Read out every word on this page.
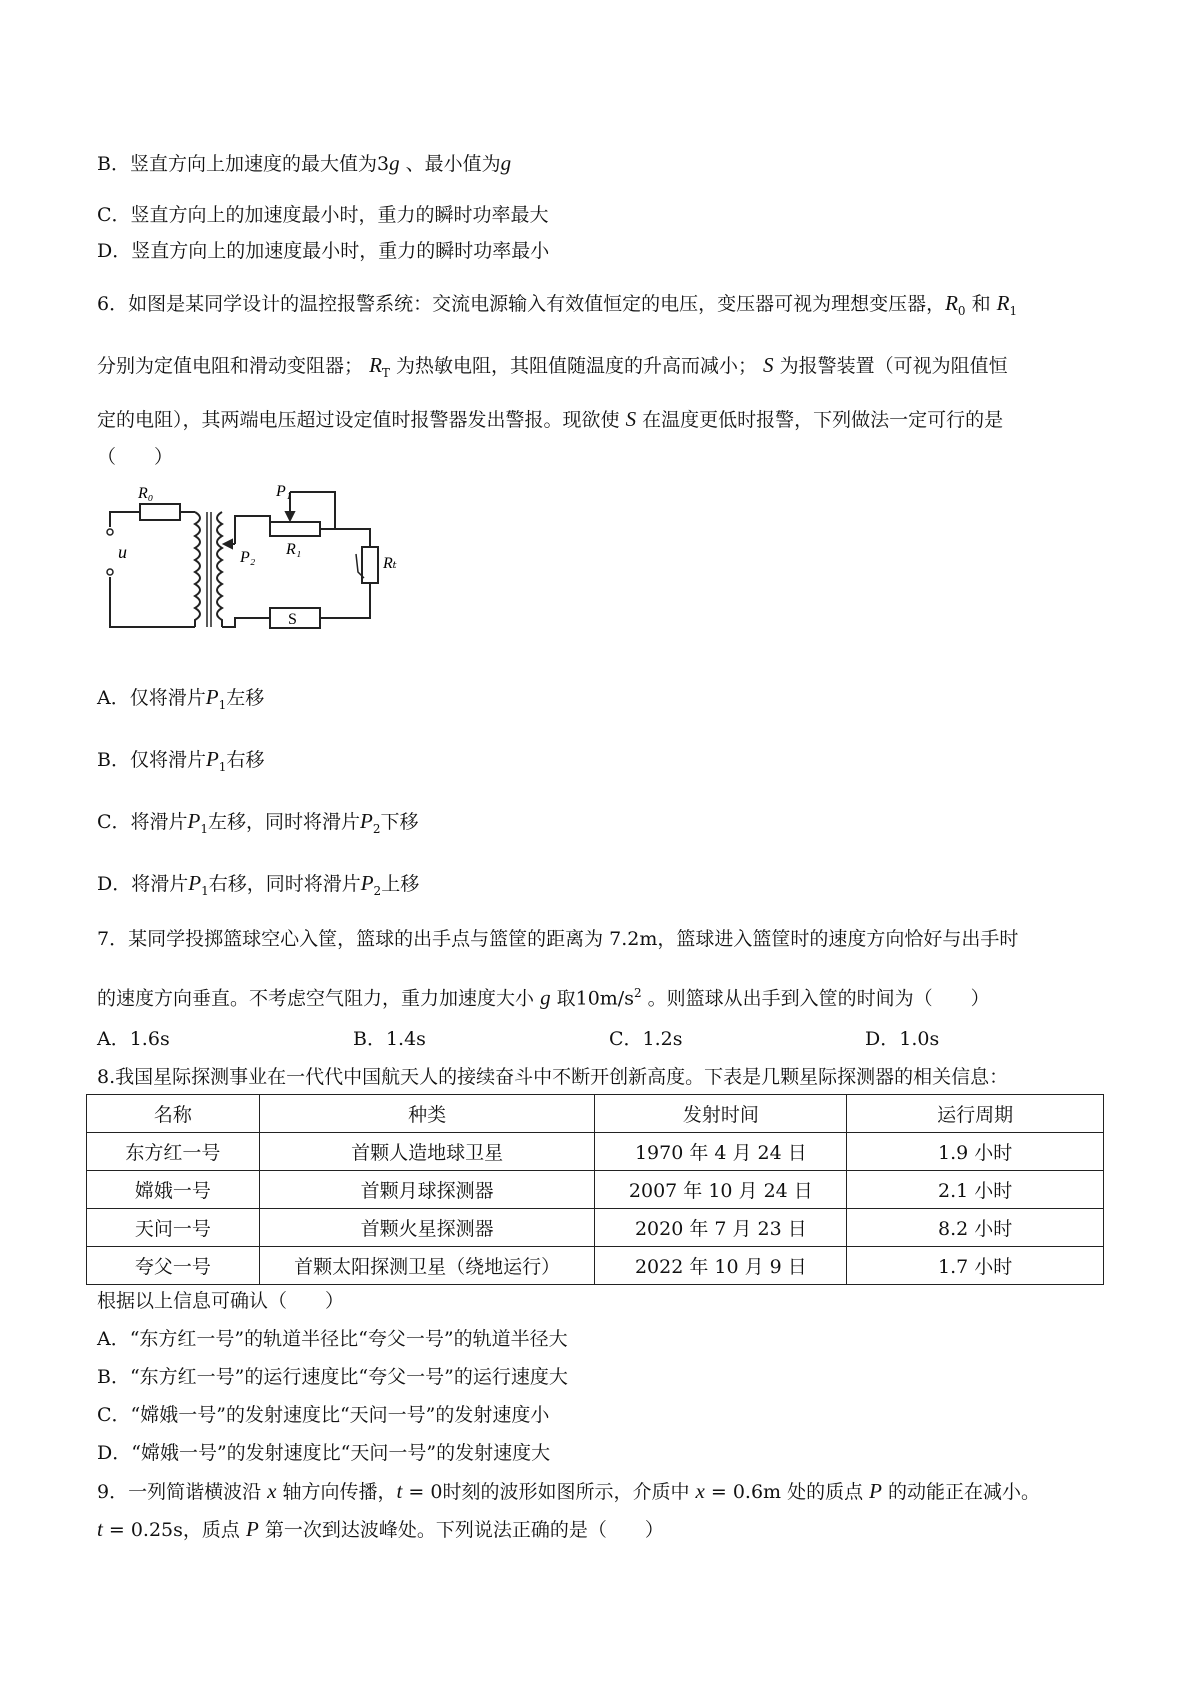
B．竖直方向上加速度的最大值为3g 、最小值为g
C．竖直方向上的加速度最小时，重力的瞬时功率最大
D．竖直方向上的加速度最小时，重力的瞬时功率最小
6．如图是某同学设计的温控报警系统：交流电源输入有效值恒定的电压，变压器可视为理想变压器，$R_0$ 和 $R_1$
分别为定值电阻和滑动变阻器； $R_T$ 为热敏电阻，其阻值随温度的升高而减小； S 为报警装置（可视为阻值恒
定的电阻），其两端电压超过设定值时报警器发出警报。现欲使 S 在温度更低时报警，下列做法一定可行的是
（　　）
u
R₀	P₁
R₁
P₂	Rₜ
S
A．仅将滑片$P_1$左移
B．仅将滑片$P_1$右移
C．将滑片$P_1$左移，同时将滑片$P_2$下移
D．将滑片$P_1$右移，同时将滑片$P_2$上移
7．某同学投掷篮球空心入筐，篮球的出手点与篮筐的距离为 7.2m，篮球进入篮筐时的速度方向恰好与出手时
的速度方向垂直。不考虑空气阻力，重力加速度大小 g 取$10m/s^2$ 。则篮球从出手到入筐的时间为（　　）
A．1.6s	B．1.4s	C．1.2s	D．1.0s
8.我国星际探测事业在一代代中国航天人的接续奋斗中不断开创新高度。下表是几颗星际探测器的相关信息：
名称	种类	发射时间	运行周期
东方红一号	首颗人造地球卫星	1970 年 4 月 24 日	1.9 小时
嫦娥一号	首颗月球探测器	2007 年 10 月 24 日	2.1 小时
天问一号	首颗火星探测器	2020 年 7 月 23 日	8.2 小时
夸父一号	首颗太阳探测卫星（绕地运行）	2022 年 10 月 9 日	1.7 小时
根据以上信息可确认（　　）
A．“东方红一号”的轨道半径比“夸父一号”的轨道半径大
B．“东方红一号”的运行速度比“夸父一号”的运行速度大
C．“嫦娥一号”的发射速度比“天问一号”的发射速度小
D．“嫦娥一号”的发射速度比“天问一号”的发射速度大
9．一列简谐横波沿 x 轴方向传播，t = 0时刻的波形如图所示，介质中 x = 0.6m 处的质点 P 的动能正在减小。
t = 0.25s，质点 P 第一次到达波峰处。下列说法正确的是（　　）
